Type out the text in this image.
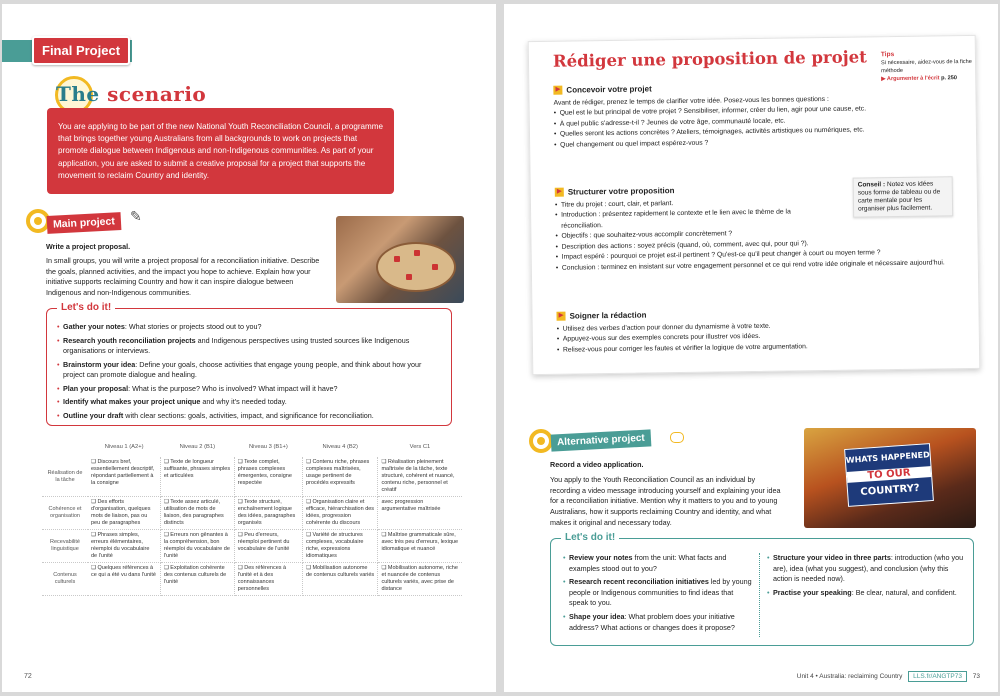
Final Project
The scenario
You are applying to be part of the new National Youth Reconciliation Council, a programme that brings together young Australians from all backgrounds to work on projects that promote dialogue between Indigenous and non-Indigenous communities. As part of your application, you are asked to submit a creative proposal for a project that supports the movement to reclaim Country and identity.
Main project	✎
Write a project proposal.
In small groups, you will write a project proposal for a reconciliation initiative. Describe the goals, planned activities, and the impact you hope to achieve. Explain how your initiative supports reclaiming Country and how it can inspire dialogue between Indigenous and non-Indigenous communities.
Let's do it!
• Gather your notes: What stories or projects stood out to you?
• Research youth reconciliation projects and Indigenous perspectives using trusted sources like Indigenous organisations or interviews.
• Brainstorm your idea: Define your goals, choose activities that engage young people, and think about how your project can promote dialogue and healing.
• Plan your proposal: What is the purpose? Who is involved? What impact will it have?
• Identify what makes your project unique and why it's needed today.
• Outline your draft with clear sections: goals, activities, impact, and significance for reconciliation.
	Niveau 1 (A2+)	Niveau 2 (B1)	Niveau 3 (B1+)	Niveau 4 (B2)	Vers C1
Réalisation de la tâche	❑ Discours bref, essentiellement descriptif, répondant partiellement à la consigne	❑ Texte de longueur suffisante, phrases simples et articulées	❑ Texte complet, phrases complexes émergentes, consigne respectée	❑ Contenu riche, phrases complexes maîtrisées, usage pertinent de procédés expressifs	❑ Réalisation pleinement maîtrisée de la tâche, texte structuré, cohérent et nuancé, contenu riche, personnel et créatif
Cohérence et organisation	❑ Des efforts d'organisation, quelques mots de liaison, pas ou peu de paragraphes	❑ Texte assez articulé, utilisation de mots de liaison, des paragraphes distincts	❑ Texte structuré, enchaînement logique des idées, paragraphes organisés	❑ Organisation claire et efficace, hiérarchisation des idées, progression cohérente du discours	avec progression argumentative maîtrisée
Recevabilité linguistique	❑ Phrases simples, erreurs élémentaires, réemploi du vocabulaire de l'unité	❑ Erreurs non gênantes à la compréhension, bon réemploi du vocabulaire de l'unité	❑ Peu d'erreurs, réemploi pertinent du vocabulaire de l'unité	❑ Variété de structures complexes, vocabulaire riche, expressions idiomatiques	❑ Maîtrise grammaticale sûre, avec très peu d'erreurs, lexique idiomatique et nuancé
Contenus culturels	❑ Quelques références à ce qui a été vu dans l'unité	❑ Exploitation cohérente des contenus culturels de l'unité	❑ Des références à l'unité et à des connaissances personnelles	❑ Mobilisation autonome de contenus culturels variés	❑ Mobilisation autonome, riche et nuancée de contenus culturels variés, avec prise de distance
72
Rédiger une proposition de projet Tips
Si nécessaire, aidez-vous de la fiche méthode
▶ Argumenter à l'écrit p. 250
▶ Concevoir votre projet
Avant de rédiger, prenez le temps de clarifier votre idée. Posez-vous les bonnes questions :
• Quel est le but principal de votre projet ? Sensibiliser, informer, créer du lien, agir pour une cause, etc.
• À quel public s'adresse-t-il ? Jeunes de votre âge, communauté locale, etc.
• Quelles seront les actions concrètes ? Ateliers, témoignages, activités artistiques ou numériques, etc.
• Quel changement ou quel impact espérez-vous ?
▶ Structurer votre proposition
• Titre du projet : court, clair, et parlant.
• Introduction : présentez rapidement le contexte et le lien avec le thème de la réconciliation.
• Objectifs : que souhaitez-vous accomplir concrètement ?
• Description des actions : soyez précis (quand, où, comment, avec qui, pour qui ?).
• Impact espéré : pourquoi ce projet est-il pertinent ? Qu'est-ce qu'il peut changer à court ou moyen terme ?
• Conclusion : terminez en insistant sur votre engagement personnel et ce qui rend votre idée originale et nécessaire aujourd'hui.
Conseil : Notez vos idées sous forme de tableau ou de carte mentale pour les organiser plus facilement.
▶ Soigner la rédaction
• Utilisez des verbes d'action pour donner du dynamisme à votre texte.
• Appuyez-vous sur des exemples concrets pour illustrer vos idées.
• Relisez-vous pour corriger les fautes et vérifier la logique de votre argumentation.
Alternative project
Record a video application.
You apply to the Youth Reconciliation Council as an individual by recording a video message introducing yourself and explaining your idea for a reconciliation initiative. Mention why it matters to you and to young Australians, how it supports reclaiming Country and identity, and what makes it original and necessary today.
WHATS HAPPENED
TO OUR
COUNTRY?
Let's do it!
• Review your notes from the unit: What facts and examples stood out to you?
• Research recent reconciliation initiatives led by young people or Indigenous communities to find ideas that speak to you.
• Shape your idea: What problem does your initiative address? What actions or changes does it propose?
• Structure your video in three parts: introduction (who you are), idea (what you suggest), and conclusion (why this action is needed now).
• Practise your speaking: Be clear, natural, and confident.
Unit 4 • Australia: reclaiming Country LLS.fr/ANGTP73 73
